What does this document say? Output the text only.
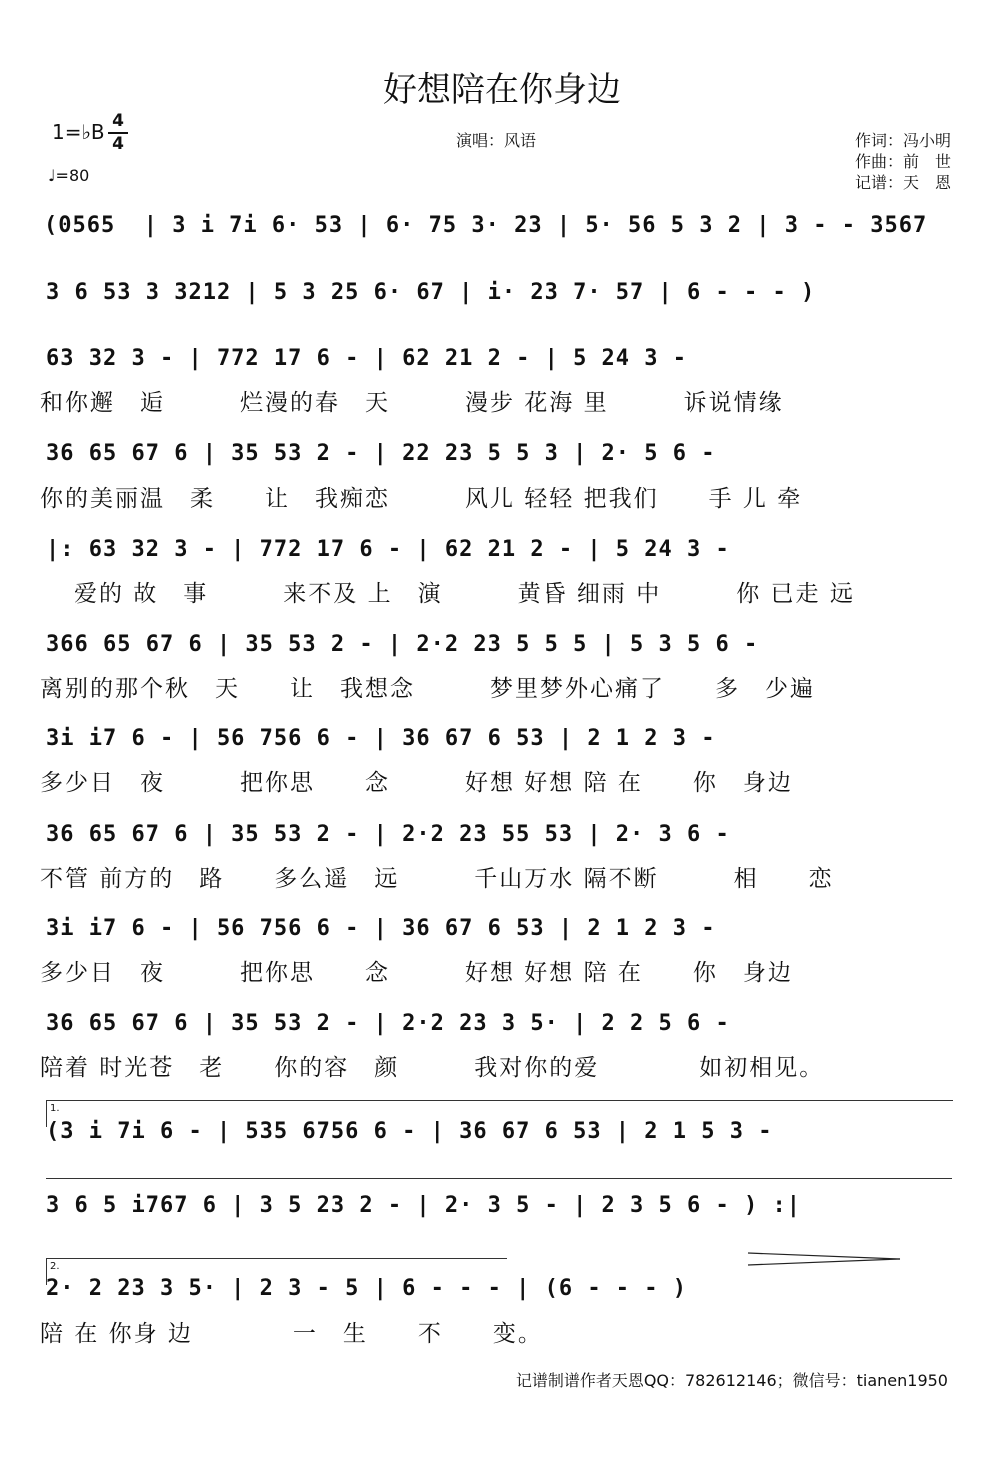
好想陪在你身边
1=♭B 4
4
♩=80
演唱：风语	作词：冯小明
作曲：前　世
记谱：天　恩
(0565  | 3 i 7i 6· 53 | 6· 75 3· 23 | 5· 56 5 3 2 | 3 - - 3567
3 6 53 3 3212 | 5 3 25 6· 67 | i· 23 7· 57 | 6 - - - )
63 32 3 - | 772 17 6 - | 62 21 2 - | 5 24 3 -
和你邂　逅　　　烂漫的春　天　　　漫步 花海 里　　　诉说情缘
36 65 67 6 | 35 53 2 - | 22 23 5 5 3 | 2· 5 6 -
你的美丽温　柔　　让　我痴恋　　　风儿 轻轻 把我们　　手 儿 牵
|: 63 32 3 - | 772 17 6 - | 62 21 2 - | 5 24 3 -
爱的 故　事　　　来不及 上　演　　　黄昏 细雨 中　　　你 已走 远
366 65 67 6 | 35 53 2 - | 2·2 23 5 5 5 | 5 3 5 6 -
离别的那个秋　天　　让　我想念　　　梦里梦外心痛了　　多　少遍
3i i7 6 - | 56 756 6 - | 36 67 6 53 | 2 1 2 3 -
多少日　夜　　　把你思　　念　　　好想 好想 陪 在　　你　身边
36 65 67 6 | 35 53 2 - | 2·2 23 55 53 | 2· 3 6 -
不管 前方的　路　　多么遥　远　　　千山万水 隔不断　　　相　　恋
3i i7 6 - | 56 756 6 - | 36 67 6 53 | 2 1 2 3 -
多少日　夜　　　把你思　　念　　　好想 好想 陪 在　　你　身边
36 65 67 6 | 35 53 2 - | 2·2 23 3 5· | 2 2 5 6 -
陪着 时光苍　老　　你的容　颜　　　我对你的爱　　　　如初相见。
1.
(3 i 7i 6 - | 535 6756 6 - | 36 67 6 53 | 2 1 5 3 -
3 6 5 i767 6 | 3 5 23 2 - | 2· 3 5 - | 2 3 5 6 - ) :|
2.
2· 2 23 3 5· | 2 3 - 5 | 6 - - - | (6 - - - )
陪 在 你身 边　　　　一　生　　不　　变。
记谱制谱作者天恩QQ：782612146；微信号：tianen1950
